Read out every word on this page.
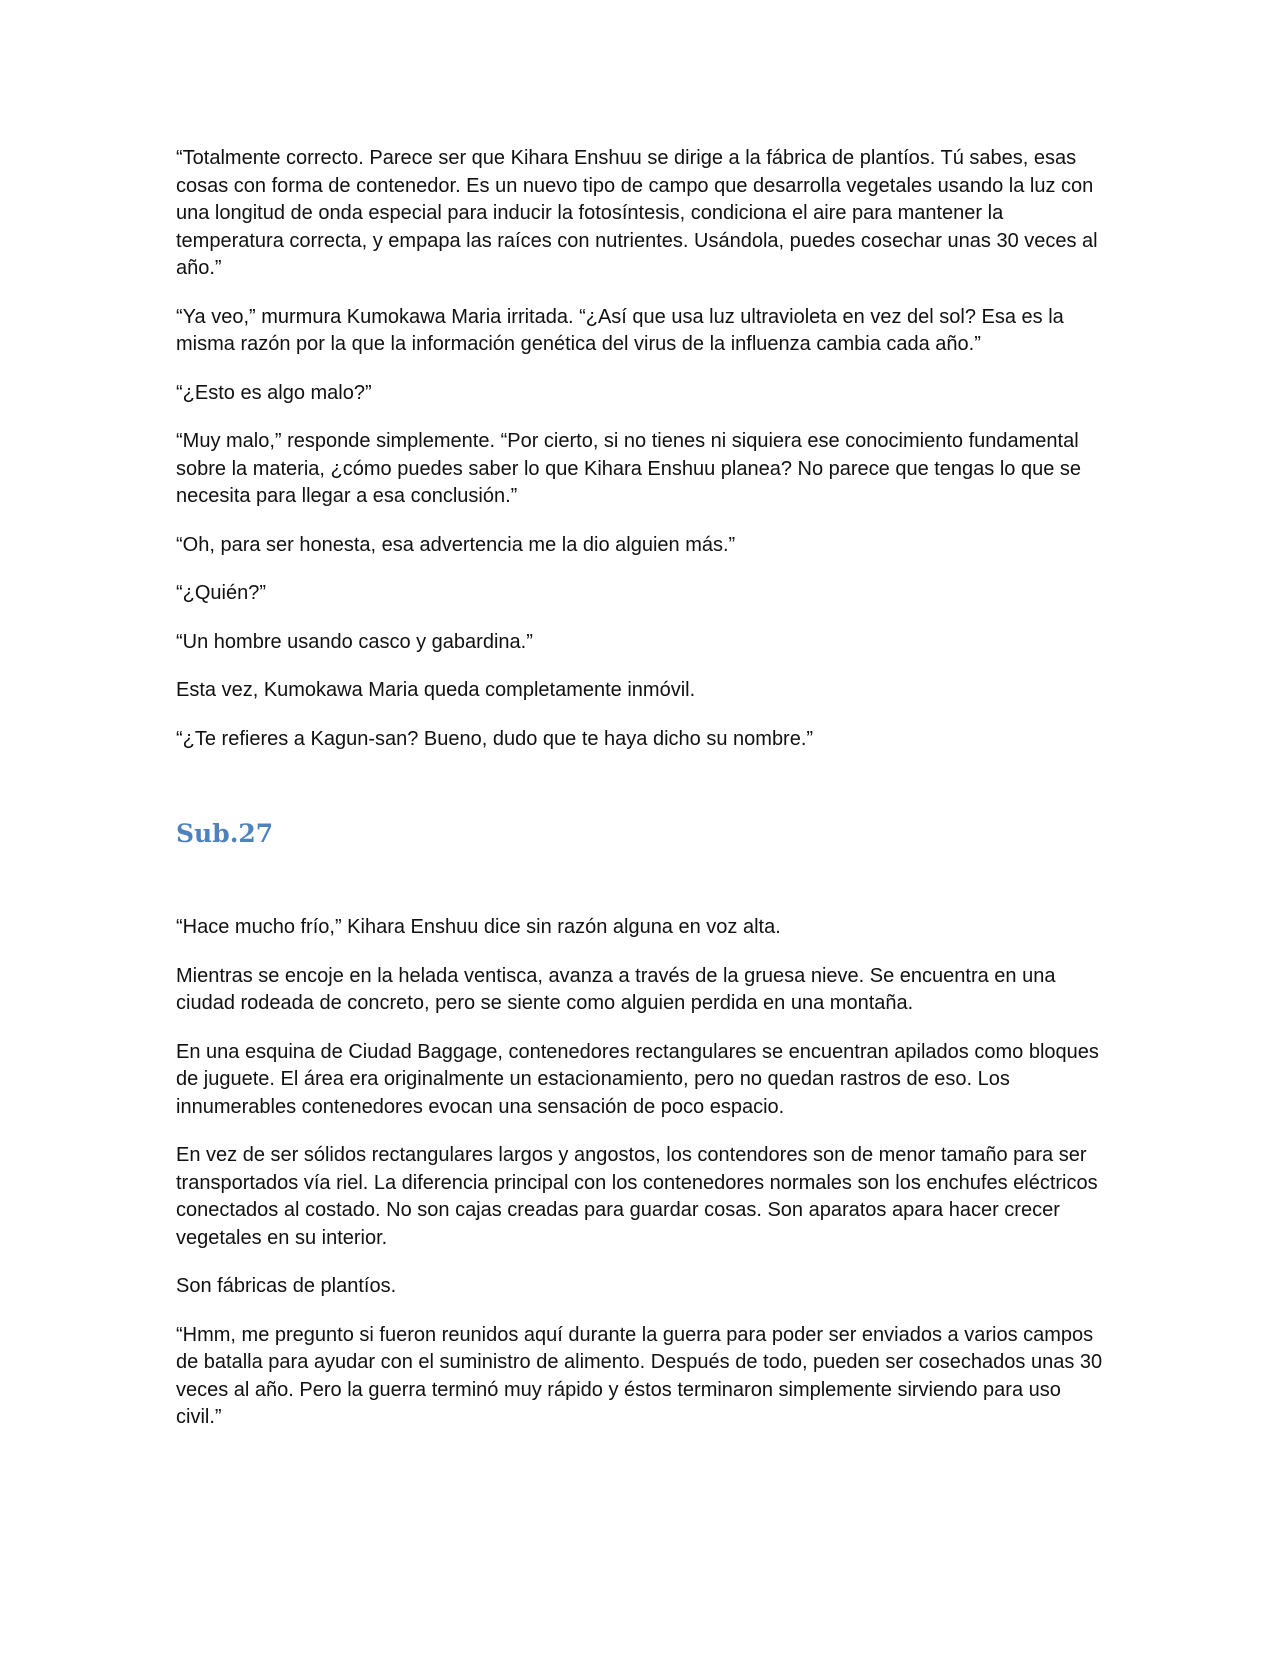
“Totalmente correcto. Parece ser que Kihara Enshuu se dirige a la fábrica de plantíos. Tú sabes, esas cosas con forma de contenedor. Es un nuevo tipo de campo que desarrolla vegetales usando la luz con una longitud de onda especial para inducir la fotosíntesis, condiciona el aire para mantener la temperatura correcta, y empapa las raíces con nutrientes. Usándola, puedes cosechar unas 30 veces al año.”

“Ya veo,” murmura Kumokawa Maria irritada. “¿Así que usa luz ultravioleta en vez del sol? Esa es la misma razón por la que la información genética del virus de la influenza cambia cada año.”

“¿Esto es algo malo?”

“Muy malo,” responde simplemente. “Por cierto, si no tienes ni siquiera ese conocimiento fundamental sobre la materia, ¿cómo puedes saber lo que Kihara Enshuu planea? No parece que tengas lo que se necesita para llegar a esa conclusión.”

“Oh, para ser honesta, esa advertencia me la dio alguien más.”

“¿Quién?”

“Un hombre usando casco y gabardina.”

Esta vez, Kumokawa Maria queda completamente inmóvil.

“¿Te refieres a Kagun-san? Bueno, dudo que te haya dicho su nombre.”

Sub.27

“Hace mucho frío,” Kihara Enshuu dice sin razón alguna en voz alta.

Mientras se encoje en la helada ventisca, avanza a través de la gruesa nieve. Se encuentra en una ciudad rodeada de concreto, pero se siente como alguien perdida en una montaña.

En una esquina de Ciudad Baggage, contenedores rectangulares se encuentran apilados como bloques de juguete. El área era originalmente un estacionamiento, pero no quedan rastros de eso. Los innumerables contenedores evocan una sensación de poco espacio.

En vez de ser sólidos rectangulares largos y angostos, los contendores son de menor tamaño para ser transportados vía riel. La diferencia principal con los contenedores normales son los enchufes eléctricos conectados al costado. No son cajas creadas para guardar cosas. Son aparatos apara hacer crecer vegetales en su interior.

Son fábricas de plantíos.

“Hmm, me pregunto si fueron reunidos aquí durante la guerra para poder ser enviados a varios campos de batalla para ayudar con el suministro de alimento. Después de todo, pueden ser cosechados unas 30 veces al año. Pero la guerra terminó muy rápido y éstos terminaron simplemente sirviendo para uso civil.”
